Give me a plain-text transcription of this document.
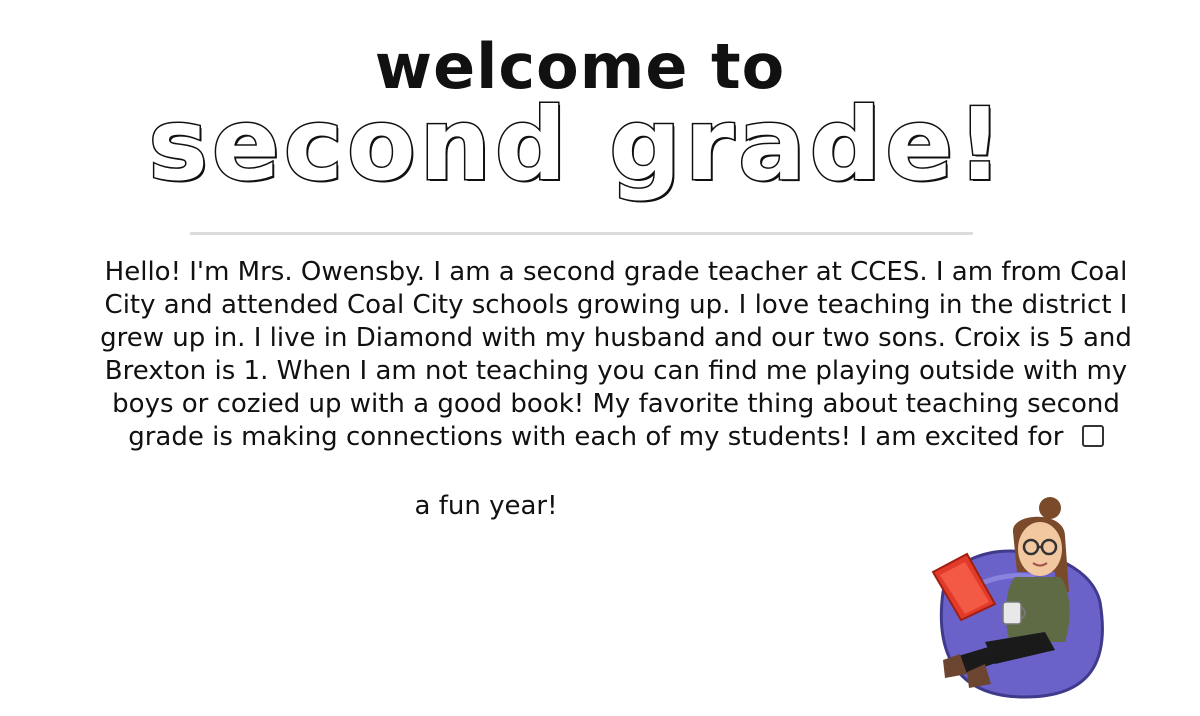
welcome to
second grade!

Hello! I'm Mrs. Owensby. I am a second grade teacher at CCES. I am from Coal City and attended Coal City schools growing up. I love teaching in the district I grew up in. I live in Diamond with my husband and our two sons. Croix is 5 and Brexton is 1. When I am not teaching you can find me playing outside with my boys or cozied up with a good book! My favorite thing about teaching second grade is making connections with each of my students! I am excited for

a fun year!
